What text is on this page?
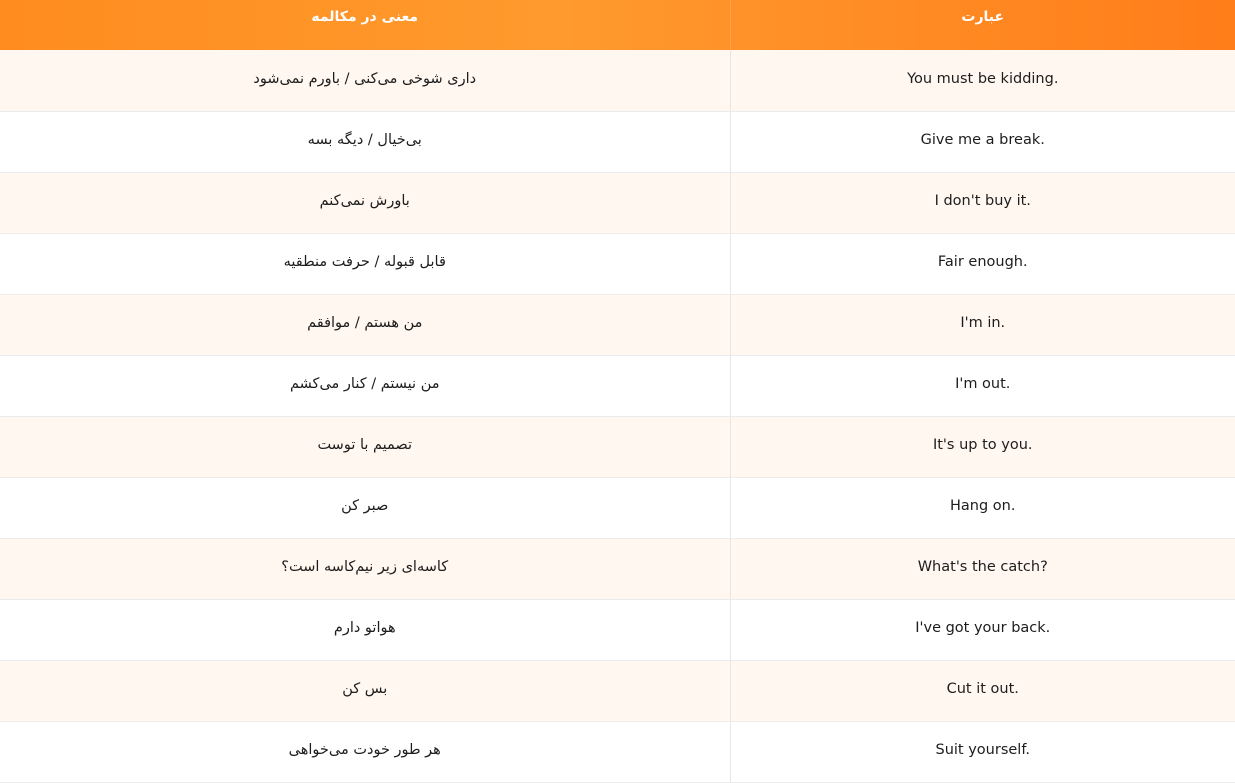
عبارت	معنی در مکالمه
You must be kidding.	داری شوخی می‌کنی / باورم نمی‌شود
Give me a break.	بی‌خیال / دیگه بسه
I don't buy it.	باورش نمی‌کنم
Fair enough.	قابل قبوله / حرفت منطقیه
I'm in.	من هستم / موافقم
I'm out.	من نیستم / کنار می‌کشم
It's up to you.	تصمیم با توست
Hang on.	صبر کن
What's the catch?	کاسه‌ای زیر نیم‌کاسه است؟
I've got your back.	هواتو دارم
Cut it out.	بس کن
Suit yourself.	هر طور خودت می‌خواهی
